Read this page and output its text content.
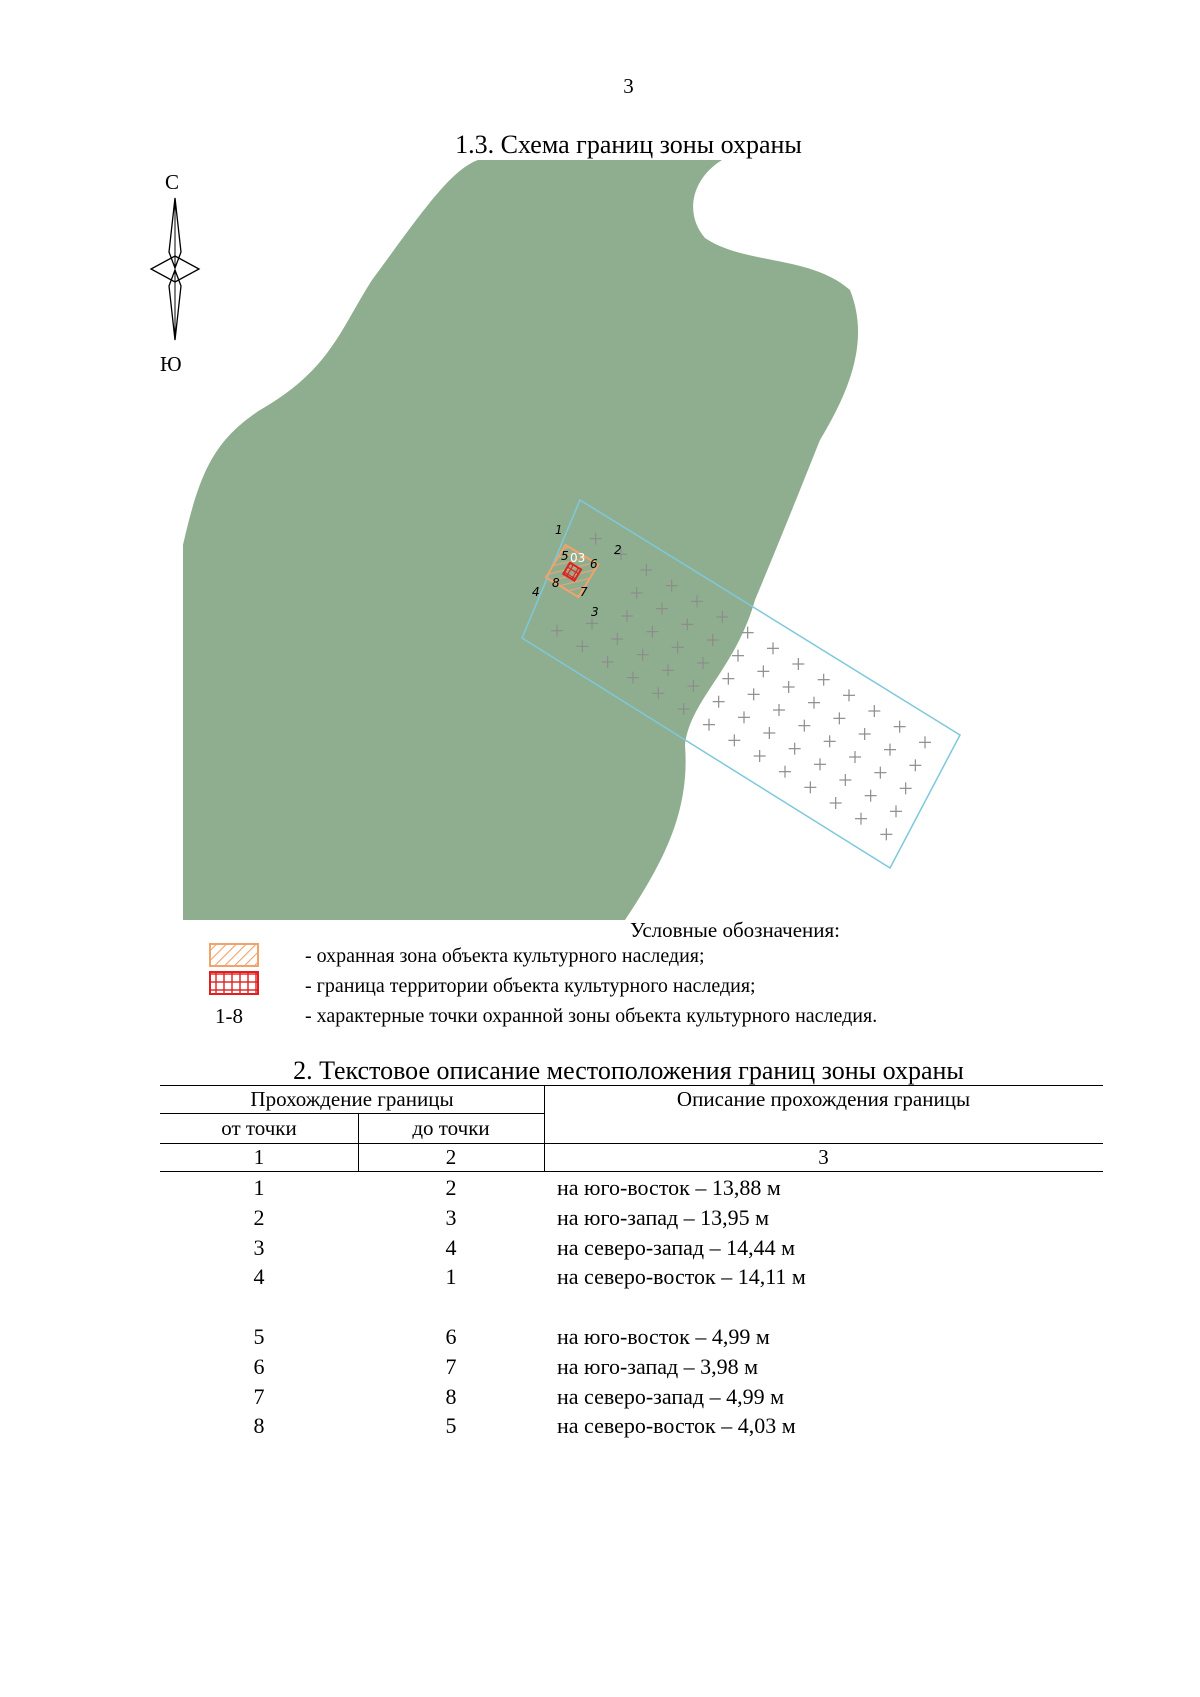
3
1.3. Схема границ зоны охраны
С
Ю
1
2
3
4
5
6
7
8
03
Условные обозначения:
- охранная зона объекта культурного наследия;
- граница территории объекта культурного наследия;
1-8	- характерные точки охранной зоны объекта культурного наследия.
2. Текстовое описание местоположения границ зоны охраны
Прохождение границы	Описание прохождения границы
от точки	до точки
1	2	3
1	2	на юго-восток – 13,88 м
2	3	на юго-запад – 13,95 м
3	4	на северо-запад – 14,44 м
4	1	на северо-восток – 14,11 м
5	6	на юго-восток – 4,99 м
6	7	на юго-запад – 3,98 м
7	8	на северо-запад – 4,99 м
8	5	на северо-восток – 4,03 м
